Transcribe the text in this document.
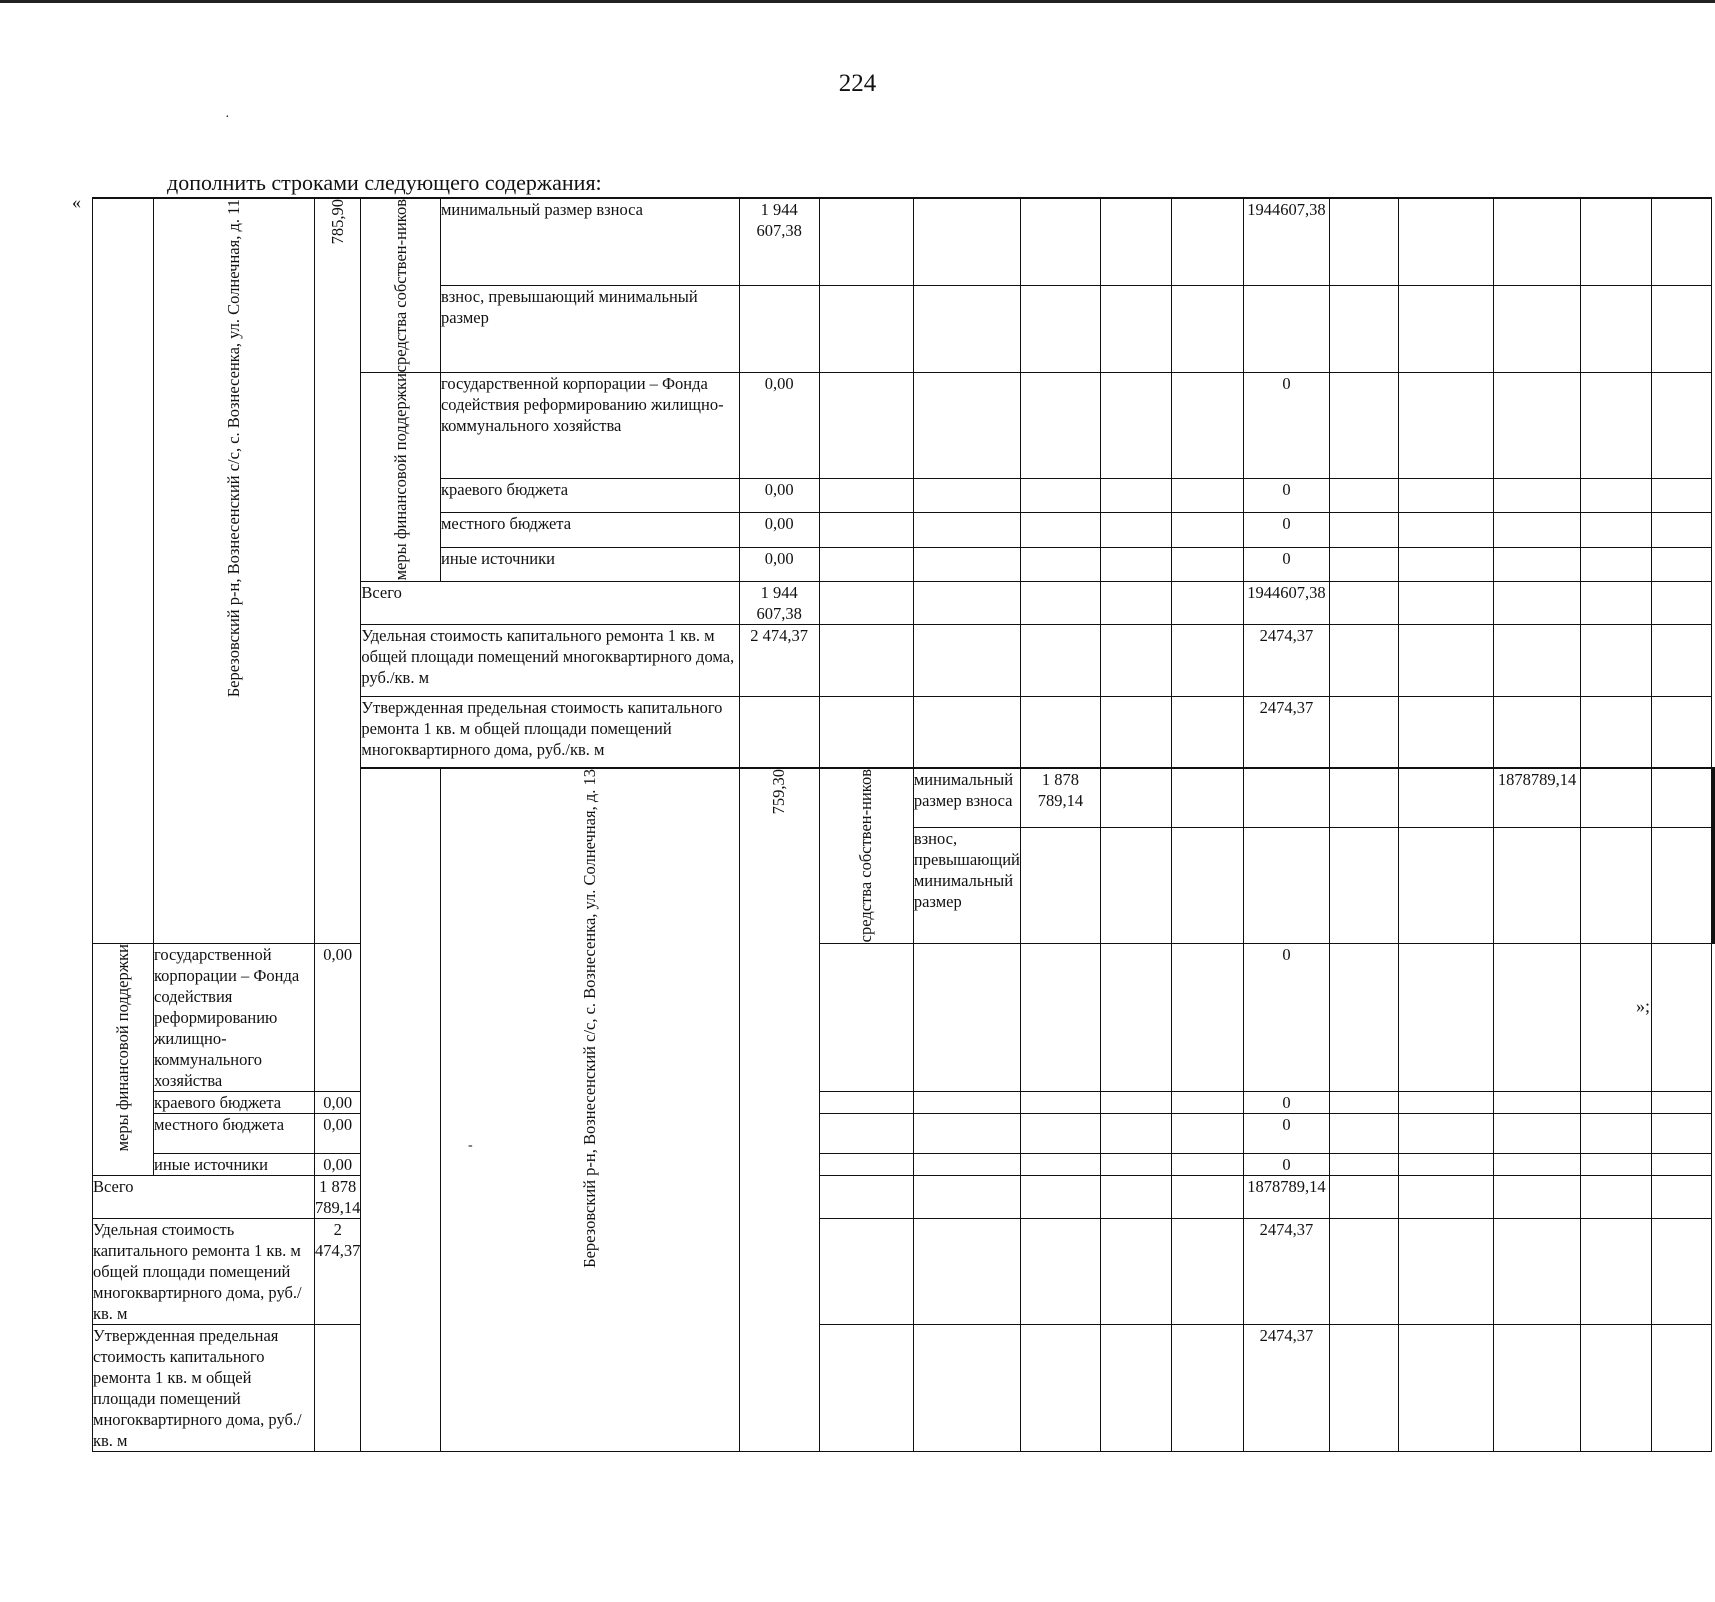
224
дополнить строками следующего содержания:
«
»;
·
-

	Березовский р-н, Вознесенский с/с, с. Вознесенка, ул. Солнечная, д. 11	785,90	средства собствен-ников	минимальный размер взноса	1 944 607,38						1944607,38							
				взнос, превышающий минимальный размер														

			меры финансовой поддержки	государственной корпорации – Фонда содействия реформированию жилищно-коммунального хозяйства	0,00						0							
				краевого бюджета	0,00						0							
				местного бюджета	0,00						0							
				иные источники	0,00						0							
			Всего		1 944 607,38						1944607,38							
			Удельная стоимость капитального ремонта 1 кв. м общей площади помещений многоквартирного дома, руб./кв. м		2 474,37						2474,37							
			Утвержденная предельная стоимость капитального ремонта 1 кв. м общей площади помещений многоквартирного дома, руб./кв. м								2474,37							

				Березовский р-н, Вознесенский с/с, с. Вознесенка, ул. Солнечная, д. 13	759,30	средства собствен-ников	минимальный размер взноса	1 878 789,14						1878789,14					
							взнос, превышающий минимальный размер												

меры финансовой поддержки	государственной корпорации – Фонда содействия реформированию жилищно-коммунального хозяйства	0,00									0							
	краевого бюджета	0,00									0							
	местного бюджета	0,00									0							
	иные источники	0,00									0							
Всего		1 878 789,14									1878789,14							
Удельная стоимость капитального ремонта 1 кв. м общей площади помещений многоквартирного дома, руб./кв. м		2 474,37									2474,37							
Утвержденная предельная стоимость капитального ремонта 1 кв. м общей площади помещений многоквартирного дома, руб./кв. м											2474,37							
